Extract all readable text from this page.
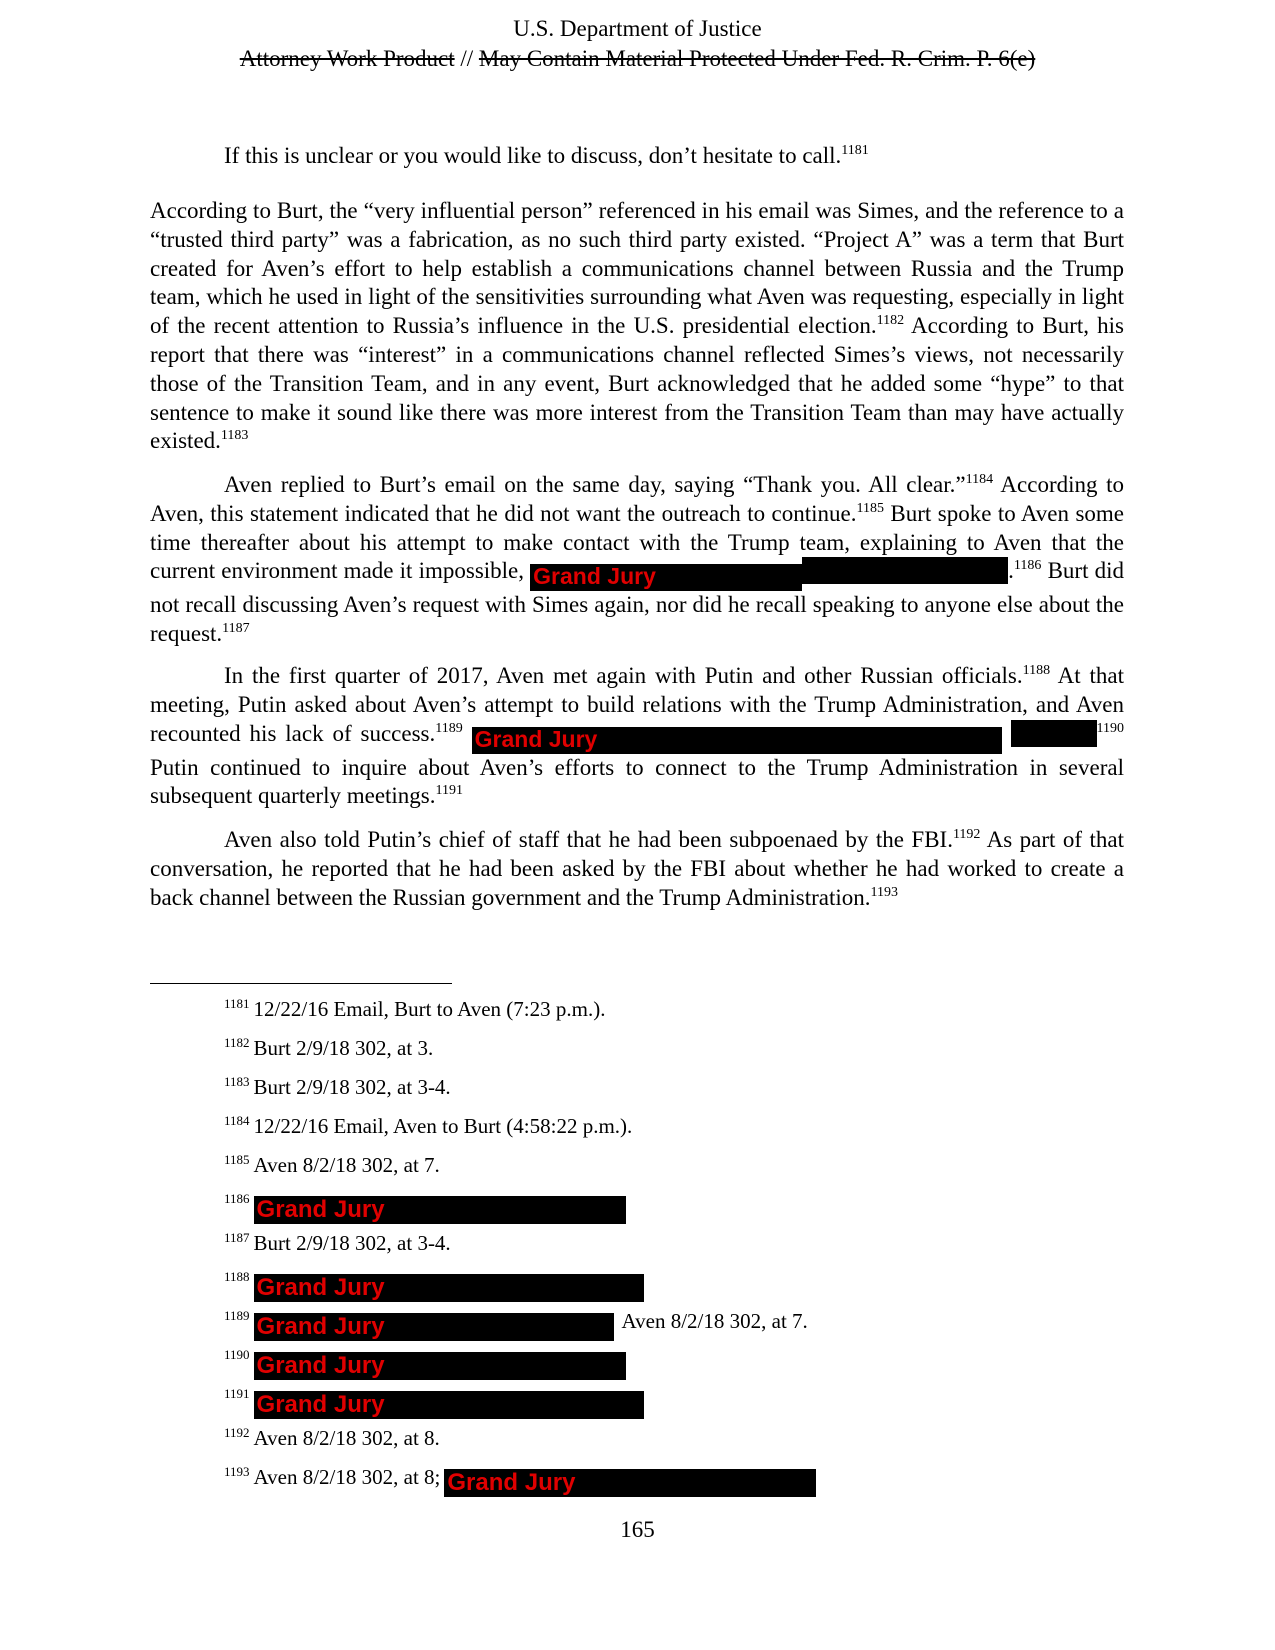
U.S. Department of Justice
Attorney Work Product // May Contain Material Protected Under Fed. R. Crim. P. 6(e)

If this is unclear or you would like to discuss, don’t hesitate to call.$^{1181}$

According to Burt, the “very influential person” referenced in his email was Simes, and the reference to a “trusted third party” was a fabrication, as no such third party existed. “Project A” was a term that Burt created for Aven’s effort to help establish a communications channel between Russia and the Trump team, which he used in light of the sensitivities surrounding what Aven was requesting, especially in light of the recent attention to Russia’s influence in the U.S. presidential election.$^{1182}$ According to Burt, his report that there was “interest” in a communications channel reflected Simes’s views, not necessarily those of the Transition Team, and in any event, Burt acknowledged that he added some “hype” to that sentence to make it sound like there was more interest from the Transition Team than may have actually existed.$^{1183}$

Aven replied to Burt’s email on the same day, saying “Thank you. All clear.”$^{1184}$ According to Aven, this statement indicated that he did not want the outreach to continue.$^{1185}$ Burt spoke to Aven some time thereafter about his attempt to make contact with the Trump team, explaining to Aven that the current environment made it impossible, Grand Jury	.$^{1186}$ Burt did not recall discussing Aven’s request with Simes again, nor did he recall speaking to anyone else about the request.$^{1187}$

In the first quarter of 2017, Aven met again with Putin and other Russian officials.$^{1188}$ At that meeting, Putin asked about Aven’s attempt to build relations with the Trump Administration, and Aven recounted his lack of success.$^{1189}$ Grand Jury	$^{1190}$ Putin continued to inquire about Aven’s efforts to connect to the Trump Administration in several subsequent quarterly meetings.$^{1191}$

Aven also told Putin’s chief of staff that he had been subpoenaed by the FBI.$^{1192}$ As part of that conversation, he reported that he had been asked by the FBI about whether he had worked to create a back channel between the Russian government and the Trump Administration.$^{1193}$

$^{1181}$ 12/22/16 Email, Burt to Aven (7:23 p.m.).
$^{1182}$ Burt 2/9/18 302, at 3.
$^{1183}$ Burt 2/9/18 302, at 3-4.
$^{1184}$ 12/22/16 Email, Aven to Burt (4:58:22 p.m.).
$^{1185}$ Aven 8/2/18 302, at 7.
$^{1186}$ Grand Jury
$^{1187}$ Burt 2/9/18 302, at 3-4.
$^{1188}$ Grand Jury
$^{1189}$ Grand Jury	Aven 8/2/18 302, at 7.
$^{1190}$ Grand Jury
$^{1191}$ Grand Jury
$^{1192}$ Aven 8/2/18 302, at 8.
$^{1193}$ Aven 8/2/18 302, at 8; Grand Jury
165
